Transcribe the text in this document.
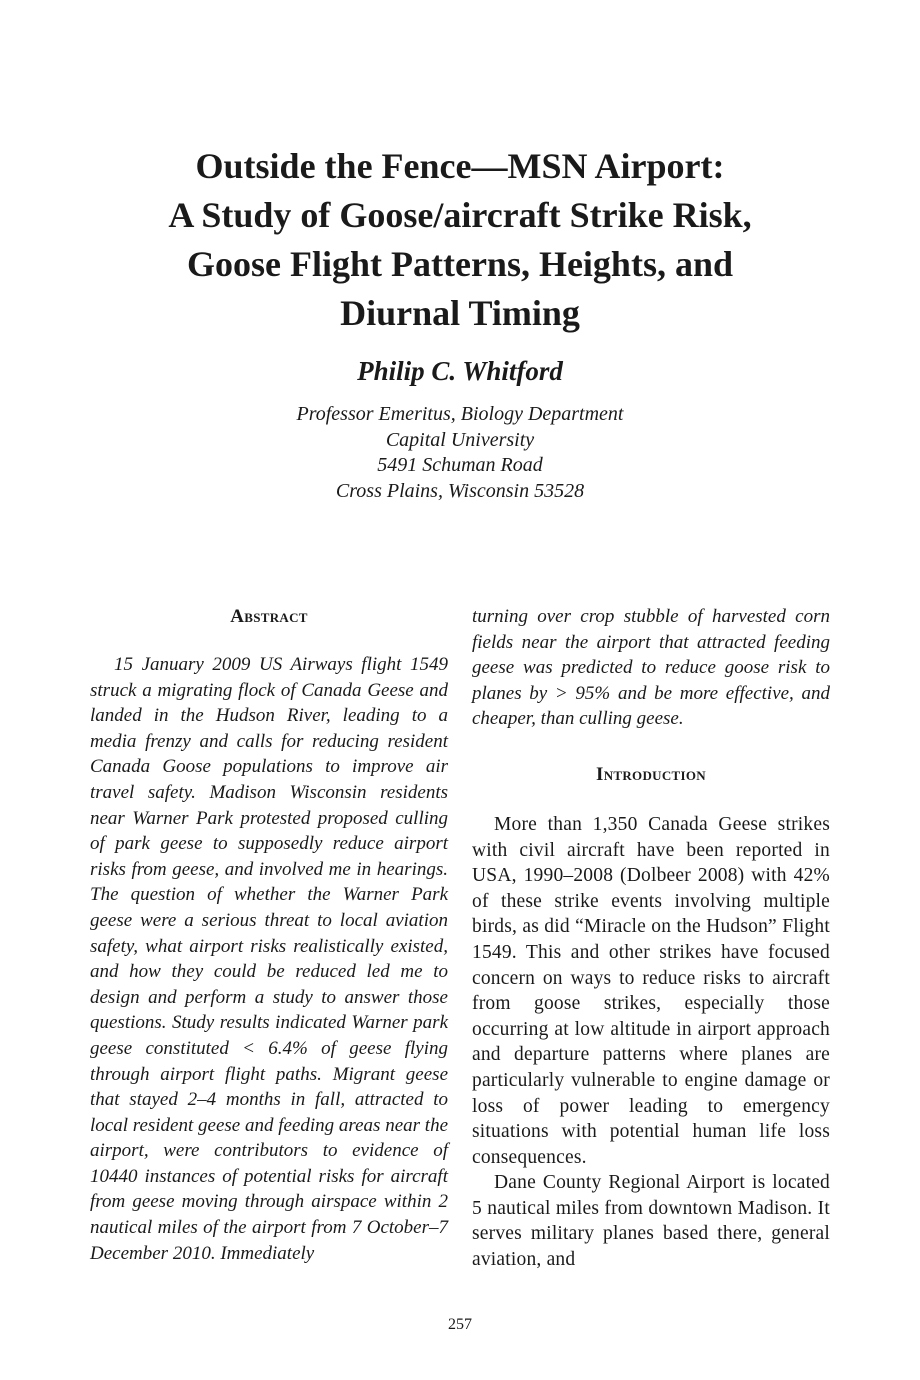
Outside the Fence—MSN Airport:
A Study of Goose/aircraft Strike Risk,
Goose Flight Patterns, Heights, and
Diurnal Timing
Philip C. Whitford
Professor Emeritus, Biology Department
Capital University
5491 Schuman Road
Cross Plains, Wisconsin 53528
Abstract

15 January 2009 US Airways flight 1549 struck a migrating flock of Canada Geese and landed in the Hudson River, leading to a media frenzy and calls for reducing resident Canada Goose populations to improve air travel safety. Madison Wisconsin residents near Warner Park protested proposed culling of park geese to supposedly reduce airport risks from geese, and involved me in hearings. The question of whether the Warner Park geese were a serious threat to local aviation safety, what airport risks realistically existed, and how they could be reduced led me to design and perform a study to answer those questions. Study results indicated Warner park geese constituted < 6.4% of geese flying through airport flight paths. Migrant geese that stayed 2–4 months in fall, attracted to local resident geese and feeding areas near the airport, were contributors to evidence of 10440 instances of potential risks for aircraft from geese moving through airspace within 2 nautical miles of the airport from 7 October–7 December 2010. Immediately

turning over crop stubble of harvested corn fields near the airport that attracted feeding geese was predicted to reduce goose risk to planes by > 95% and be more effective, and cheaper, than culling geese.

Introduction

More than 1,350 Canada Geese strikes with civil aircraft have been reported in USA, 1990–2008 (Dolbeer 2008) with 42% of these strike events involving multiple birds, as did “Miracle on the Hudson” Flight 1549. This and other strikes have focused concern on ways to reduce risks to aircraft from goose strikes, especially those occurring at low altitude in airport approach and departure patterns where planes are particularly vulnerable to engine damage or loss of power leading to emergency situations with potential human life loss consequences.

Dane County Regional Airport is located 5 nautical miles from downtown Madison. It serves military planes based there, general aviation, and

257
